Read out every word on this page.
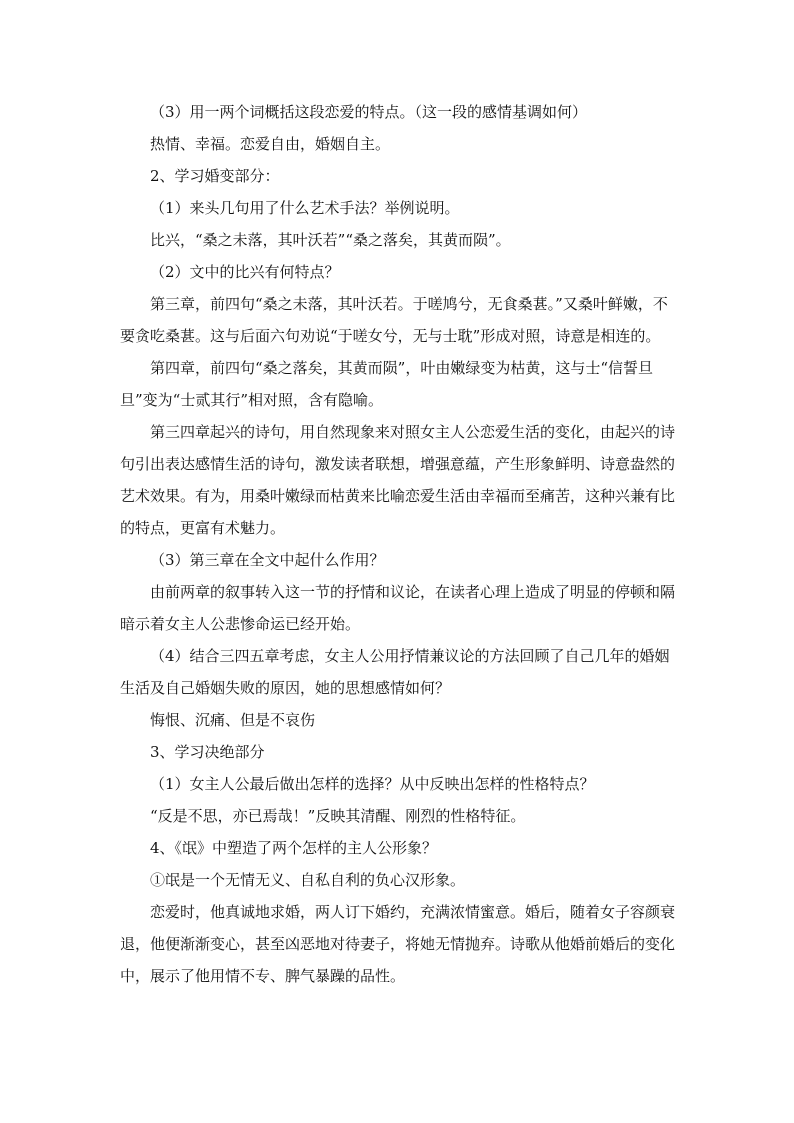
（3）用一两个词概括这段恋爱的特点。（这一段的感情基调如何）

热情、幸福。恋爱自由，婚姻自主。

2、学习婚变部分：

（1）来头几句用了什么艺术手法？举例说明。

比兴，“桑之未落，其叶沃若”“桑之落矣，其黄而陨”。

（2）文中的比兴有何特点？

第三章，前四句“桑之未落，其叶沃若。于嗟鸠兮，无食桑葚。”又桑叶鲜嫩，不要贪吃桑葚。这与后面六句劝说“于嗟女兮，无与士耽”形成对照，诗意是相连的。

第四章，前四句“桑之落矣，其黄而陨”，叶由嫩绿变为枯黄，这与士“信誓旦旦”变为“士贰其行”相对照，含有隐喻。

第三四章起兴的诗句，用自然现象来对照女主人公恋爱生活的变化，由起兴的诗句引出表达感情生活的诗句，激发读者联想，增强意蕴，产生形象鲜明、诗意盎然的艺术效果。有为，用桑叶嫩绿而枯黄来比喻恋爱生活由幸福而至痛苦，这种兴兼有比的特点，更富有术魅力。

（3）第三章在全文中起什么作用？

由前两章的叙事转入这一节的抒情和议论，在读者心理上造成了明显的停顿和隔暗示着女主人公悲惨命运已经开始。

（4）结合三四五章考虑，女主人公用抒情兼议论的方法回顾了自己几年的婚姻生活及自己婚姻失败的原因，她的思想感情如何？

悔恨、沉痛、但是不哀伤

3、学习决绝部分

（1）女主人公最后做出怎样的选择？从中反映出怎样的性格特点？

“反是不思，亦已焉哉！”反映其清醒、刚烈的性格特征。

4、《氓》中塑造了两个怎样的主人公形象？

①氓是一个无情无义、自私自利的负心汉形象。

恋爱时，他真诚地求婚，两人订下婚约，充满浓情蜜意。婚后，随着女子容颜衰退，他便渐渐变心，甚至凶恶地对待妻子，将她无情抛弃。诗歌从他婚前婚后的变化中，展示了他用情不专、脾气暴躁的品性。
